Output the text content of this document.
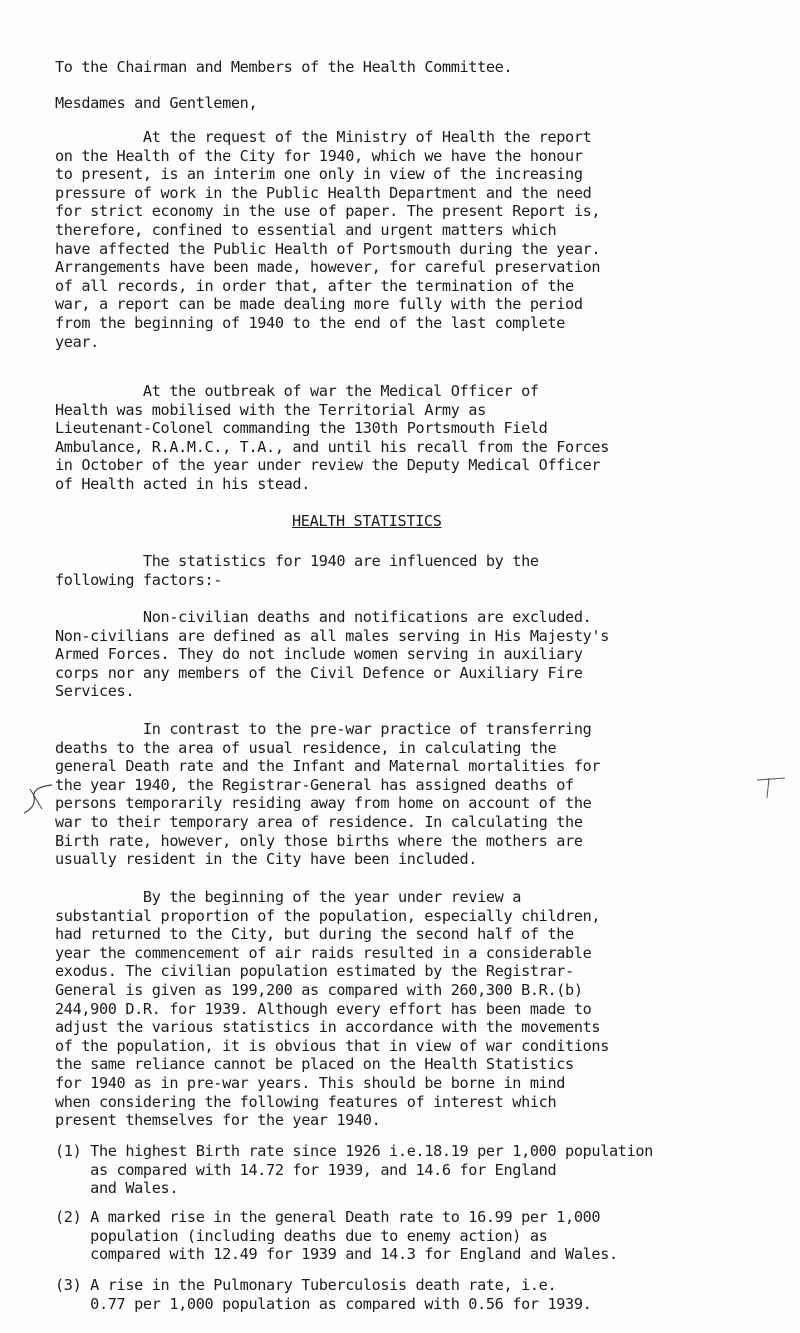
To the Chairman and Members of the Health Committee.

Mesdames and Gentlemen,

At the request of the Ministry of Health the report
on the Health of the City for 1940, which we have the honour
to present, is an interim one only in view of the increasing
pressure of work in the Public Health Department and the need
for strict economy in the use of paper. The present Report is,
therefore, confined to essential and urgent matters which
have affected the Public Health of Portsmouth during the year.
Arrangements have been made, however, for careful preservation
of all records, in order that, after the termination of the
war, a report can be made dealing more fully with the period
from the beginning of 1940 to the end of the last complete
year.

At the outbreak of war the Medical Officer of
Health was mobilised with the Territorial Army as
Lieutenant-Colonel commanding the 130th Portsmouth Field
Ambulance, R.A.M.C., T.A., and until his recall from the Forces
in October of the year under review the Deputy Medical Officer
of Health acted in his stead.

HEALTH STATISTICS

The statistics for 1940 are influenced by the
following factors:-

Non-civilian deaths and notifications are excluded.
Non-civilians are defined as all males serving in His Majesty's
Armed Forces. They do not include women serving in auxiliary
corps nor any members of the Civil Defence or Auxiliary Fire
Services.

In contrast to the pre-war practice of transferring
deaths to the area of usual residence, in calculating the
general Death rate and the Infant and Maternal mortalities for
the year 1940, the Registrar-General has assigned deaths of
persons temporarily residing away from home on account of the
war to their temporary area of residence. In calculating the
Birth rate, however, only those births where the mothers are
usually resident in the City have been included.

By the beginning of the year under review a
substantial proportion of the population, especially children,
had returned to the City, but during the second half of the
year the commencement of air raids resulted in a considerable
exodus. The civilian population estimated by the Registrar-
General is given as 199,200 as compared with 260,300 B.R.(b)
244,900 D.R. for 1939. Although every effort has been made to
adjust the various statistics in accordance with the movements
of the population, it is obvious that in view of war conditions
the same reliance cannot be placed on the Health Statistics
for 1940 as in pre-war years. This should be borne in mind
when considering the following features of interest which
present themselves for the year 1940.

(1) The highest Birth rate since 1926 i.e.18.19 per 1,000 population
as compared with 14.72 for 1939, and 14.6 for England
and Wales.

(2) A marked rise in the general Death rate to 16.99 per 1,000
population (including deaths due to enemy action) as
compared with 12.49 for 1939 and 14.3 for England and Wales.

(3) A rise in the Pulmonary Tuberculosis death rate, i.e.
0.77 per 1,000 population as compared with 0.56 for 1939.
